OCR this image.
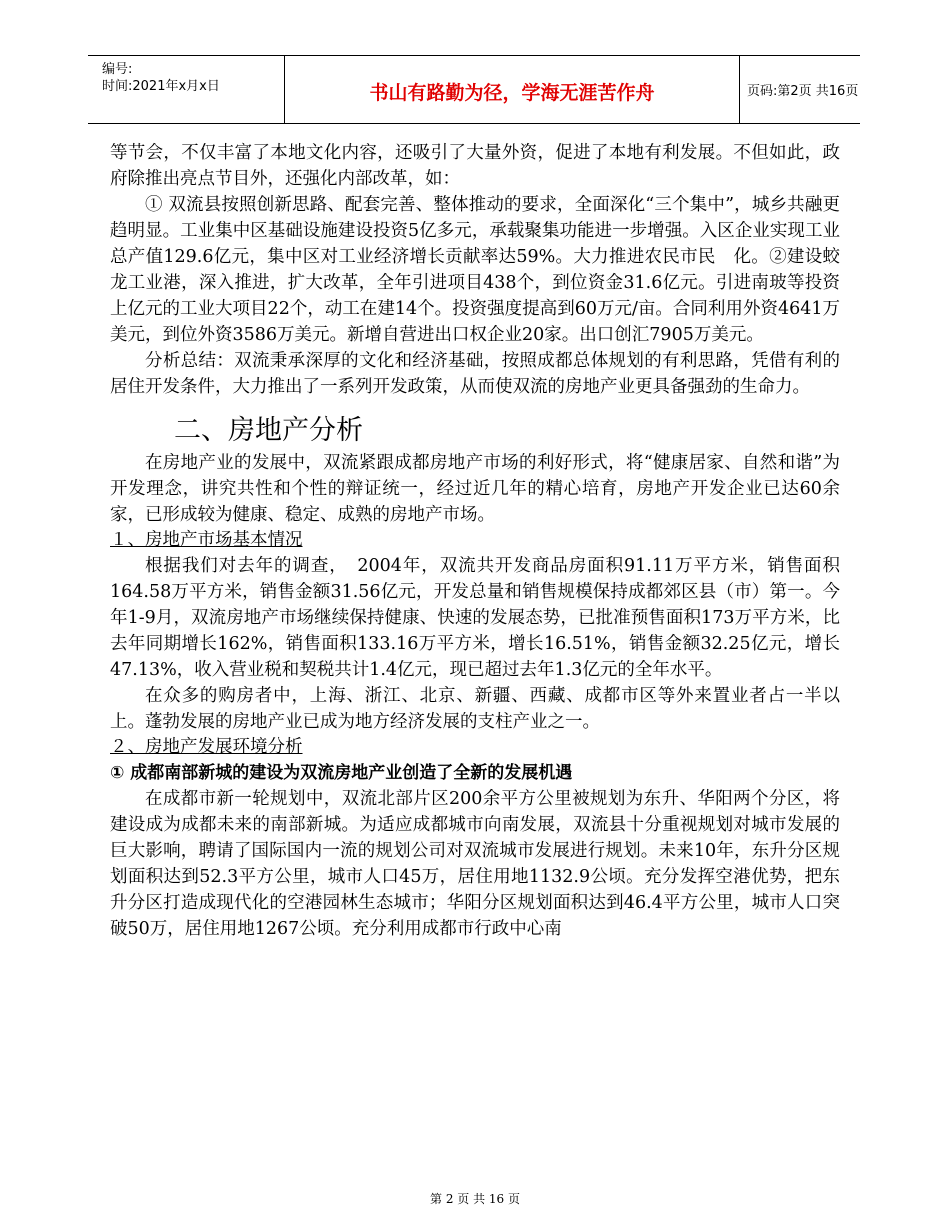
编号:
时间:2021年x月x日	书山有路勤为径，学海无涯苦作舟	页码:第2页 共16页

等节会，不仅丰富了本地文化内容，还吸引了大量外资，促进了本地有利发展。不但如此，政府除推出亮点节目外，还强化内部改革，如：

① 双流县按照创新思路、配套完善、整体推动的要求，全面深化“三个集中”，城乡共融更趋明显。工业集中区基础设施建设投资5亿多元，承载聚集功能进一步增强。入区企业实现工业总产值129.6亿元，集中区对工业经济增长贡献率达59%。大力推进农民市民　化。②建设蛟龙工业港，深入推进，扩大改革，全年引进项目438个，到位资金31.6亿元。引进南玻等投资上亿元的工业大项目22个，动工在建14个。投资强度提高到60万元/亩。合同利用外资4641万美元，到位外资3586万美元。新增自营进出口权企业20家。出口创汇7905万美元。

分析总结：双流秉承深厚的文化和经济基础，按照成都总体规划的有利思路，凭借有利的居住开发条件，大力推出了一系列开发政策，从而使双流的房地产业更具备强劲的生命力。

二、房地产分析

在房地产业的发展中，双流紧跟成都房地产市场的利好形式，将“健康居家、自然和谐”为开发理念，讲究共性和个性的辩证统一，经过近几年的精心培育，房地产开发企业已达60余家，已形成较为健康、稳定、成熟的房地产市场。

１、房地产市场基本情况

根据我们对去年的调查，　2004年，双流共开发商品房面积91.11万平方米，销售面积164.58万平方米，销售金额31.56亿元，开发总量和销售规模保持成都郊区县（市）第一。今年1-9月，双流房地产市场继续保持健康、快速的发展态势，已批准预售面积173万平方米，比去年同期增长162%，销售面积133.16万平方米，增长16.51%，销售金额32.25亿元，增长47.13%，收入营业税和契税共计1.4亿元，现已超过去年1.3亿元的全年水平。

在众多的购房者中，上海、浙江、北京、新疆、西藏、成都市区等外来置业者占一半以上。蓬勃发展的房地产业已成为地方经济发展的支柱产业之一。

２、房地产发展环境分析

① 成都南部新城的建设为双流房地产业创造了全新的发展机遇

在成都市新一轮规划中，双流北部片区200余平方公里被规划为东升、华阳两个分区，将建设成为成都未来的南部新城。为适应成都城市向南发展，双流县十分重视规划对城市发展的巨大影响，聘请了国际国内一流的规划公司对双流城市发展进行规划。未来10年，东升分区规划面积达到52.3平方公里，城市人口45万，居住用地1132.9公顷。充分发挥空港优势，把东升分区打造成现代化的空港园林生态城市；华阳分区规划面积达到46.4平方公里，城市人口突破50万，居住用地1267公顷。充分利用成都市行政中心南

第 2 页 共 16 页
